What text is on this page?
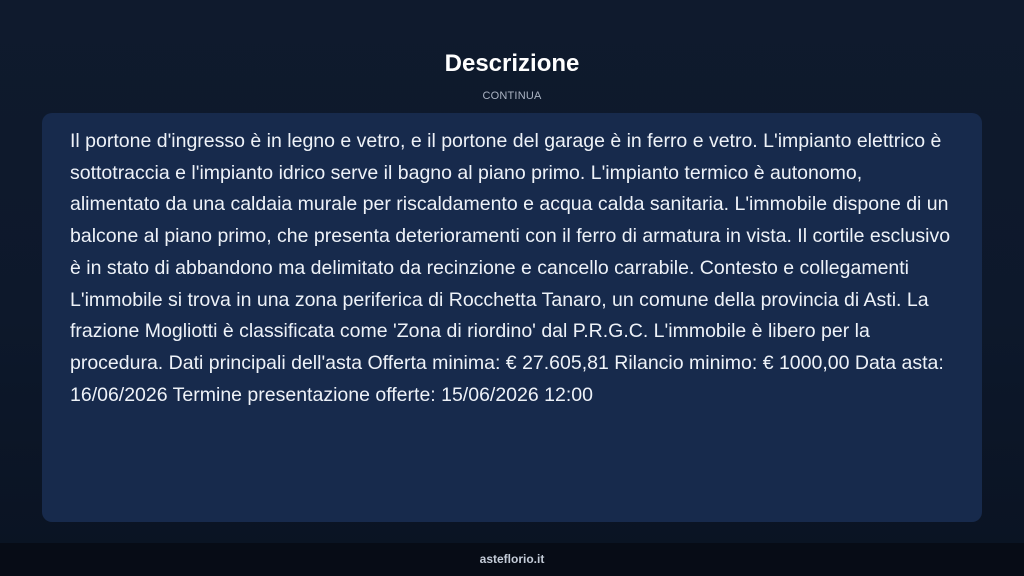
Descrizione
CONTINUA

Il portone d'ingresso è in legno e vetro, e il portone del garage è in ferro e vetro. L'impianto elettrico è sottotraccia e l'impianto idrico serve il bagno al piano primo. L'impianto termico è autonomo, alimentato da una caldaia murale per riscaldamento e acqua calda sanitaria. L'immobile dispone di un balcone al piano primo, che presenta deterioramenti con il ferro di armatura in vista. Il cortile esclusivo è in stato di abbandono ma delimitato da recinzione e cancello carrabile. Contesto e collegamenti L'immobile si trova in una zona periferica di Rocchetta Tanaro, un comune della provincia di Asti. La frazione Mogliotti è classificata come 'Zona di riordino' dal P.R.G.C. L'immobile è libero per la procedura. Dati principali dell'asta Offerta minima: € 27.605,81 Rilancio minimo: € 1000,00 Data asta: 16/06/2026 Termine presentazione offerte: 15/06/2026 12:00

asteflorio.it
